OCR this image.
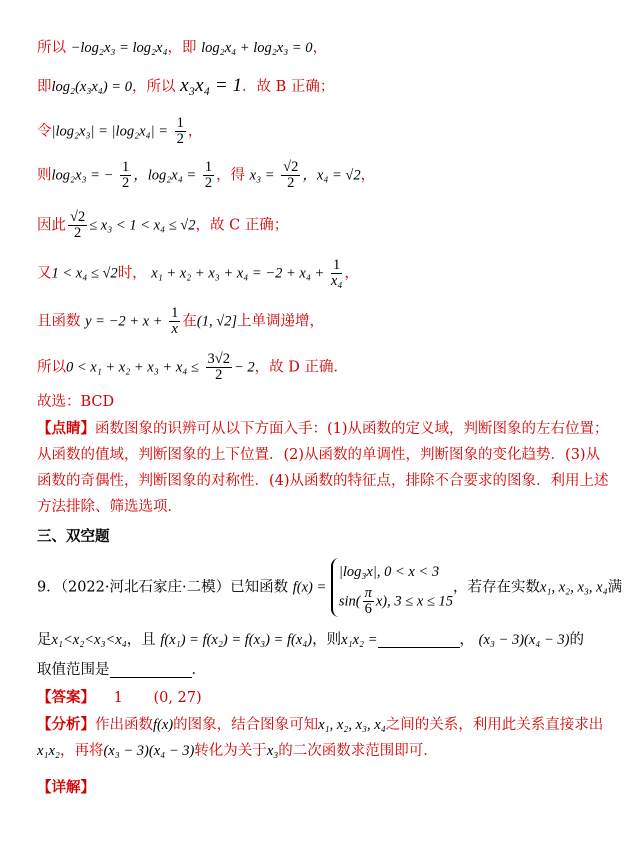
所以 −log₂x₃ = log₂x₄，即 log₂x₄ + log₂x₃ = 0，
即log₂(x₃x₄) = 0，所以 x₃x₄ = 1．故 B 正确；
令$|\log_2x_3| = |\log_2x_4| = \frac{1}{2}$ ，
则log₂x₃ = − $\frac{1}{2}$ ，$\log_2x_4 = \frac{1}{2}$ ，得 $x_3 = \frac{√2}{2}$ ，x₄ = √2，
因此 $\frac{√2}{2} \le x_3 < 1 < x_4 \le √2$，故 C 正确；
又1 < x₄ ≤ √2时， $x_1 + x_2 + x_3 + x_4 = -2 + x_4 + \frac{1}{\text{x₄}}$ ，
且函数 $y = -2 + x + \frac{1}{x}$ 在(1, √2]上单调递增，
所以$0 < x_1 + x_2 + x_3 + x_4 \le \frac{3√2}{2} - 2$，故 D 正确．
故选：BCD
【点睛】函数图象的识辨可从以下方面入手：(1)从函数的定义域，判断图象的左右位置；从函数的值域，判断图象的上下位置．(2)从函数的单调性，判断图象的变化趋势．(3)从函数的奇偶性，判断图象的对称性．(4)从函数的特征点，排除不合要求的图象．利用上述方法排除、筛选选项．
三、双空题
9．（2022·河北石家庄·二模）已知函数 f(x) =
|log₃x|, 0 < x < 3
$\sin( \frac{\pi}{6} x)$, 3 ≤ x ≤ 15
，若存在实数x₁, x₂, x₃, x₄满
足x₁<x₂<x₃<x₄，且 f(x₁) = f(x₂) = f(x₃) = f(x₄)，则x₁x₂ =	， (x₃ − 3)(x₄ − 3)的
取值范围是	．
【答案】 1 (0, 27)
【分析】作出函数f(x)的图象，结合图象可知x₁, x₂, x₃, x₄之间的关系，利用此关系直接求出 x₁x₂，再将(x₃ − 3)(x₄ − 3)转化为关于x₃的二次函数求范围即可．
【详解】
